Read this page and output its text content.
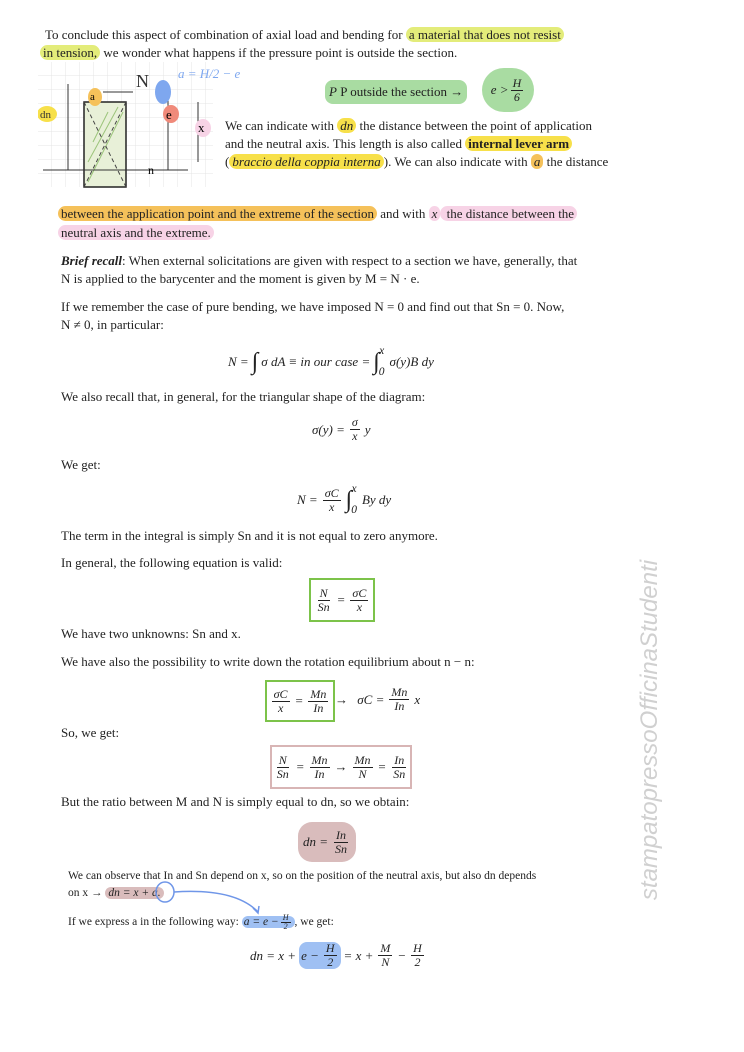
To conclude this aspect of combination of axial load and bending for a material that does not resist
in tension, we wonder what happens if the pressure point is outside the section.
dn
a
N a = H/2 − e
e
x
n
P
P outside the section → e > H
6
We can indicate with dn the distance between the point of application
and the neutral axis. This length is also called internal lever arm
( braccio della coppia interna ). We can also indicate with a the distance
between the application point and the extreme of the section and with x the distance between the
neutral axis and the extreme.
Brief recall: When external solicitations are given with respect to a section we have, generally, that
N is applied to the barycenter and the moment is given by M = N · e.
If we remember the case of pure bending, we have imposed N = 0 and find out that Sn = 0. Now,
N ≠ 0, in particular:
N = ∫ σ dA ≡ in our case = ∫ x
0
σ(y)B dy
We also recall that, in general, for the triangular shape of the diagram:
$\sigma(y) = \frac{\sigma}{x}$ y
We get:
$N = \frac{\sigma C}{x}$ ∫ x
0
By dy
The term in the integral is simply Sn and it is not equal to zero anymore.
In general, the following equation is valid:
$\frac{N}{Sn} = \frac{\sigma C}{x}$
We have two unknowns: Sn and x.
We have also the possibility to write down the rotation equilibrium about n − n:
$\frac{\sigma C}{x} = \frac{Mn}{In}$ →
$\sigma C = \frac{Mn}{In}$ x
So, we get:
$\frac{N}{Sn} = \frac{Mn}{In} \to \frac{Mn}{N} = \frac{In}{Sn}$
But the ratio between M and N is simply equal to dn, so we obtain:
dn = $\frac{In}{Sn}$
We can observe that In and Sn depend on x, so on the position of the neutral axis, but also dn depends
on x → dn = x + a.
If we express a in the following way: $a = e - \frac{H}{2}$ , we get:
dn = $x + e - \frac{H}{2} = x + \frac{M}{N} - \frac{H}{2}$
stampatopressoOfficinaStudenti
